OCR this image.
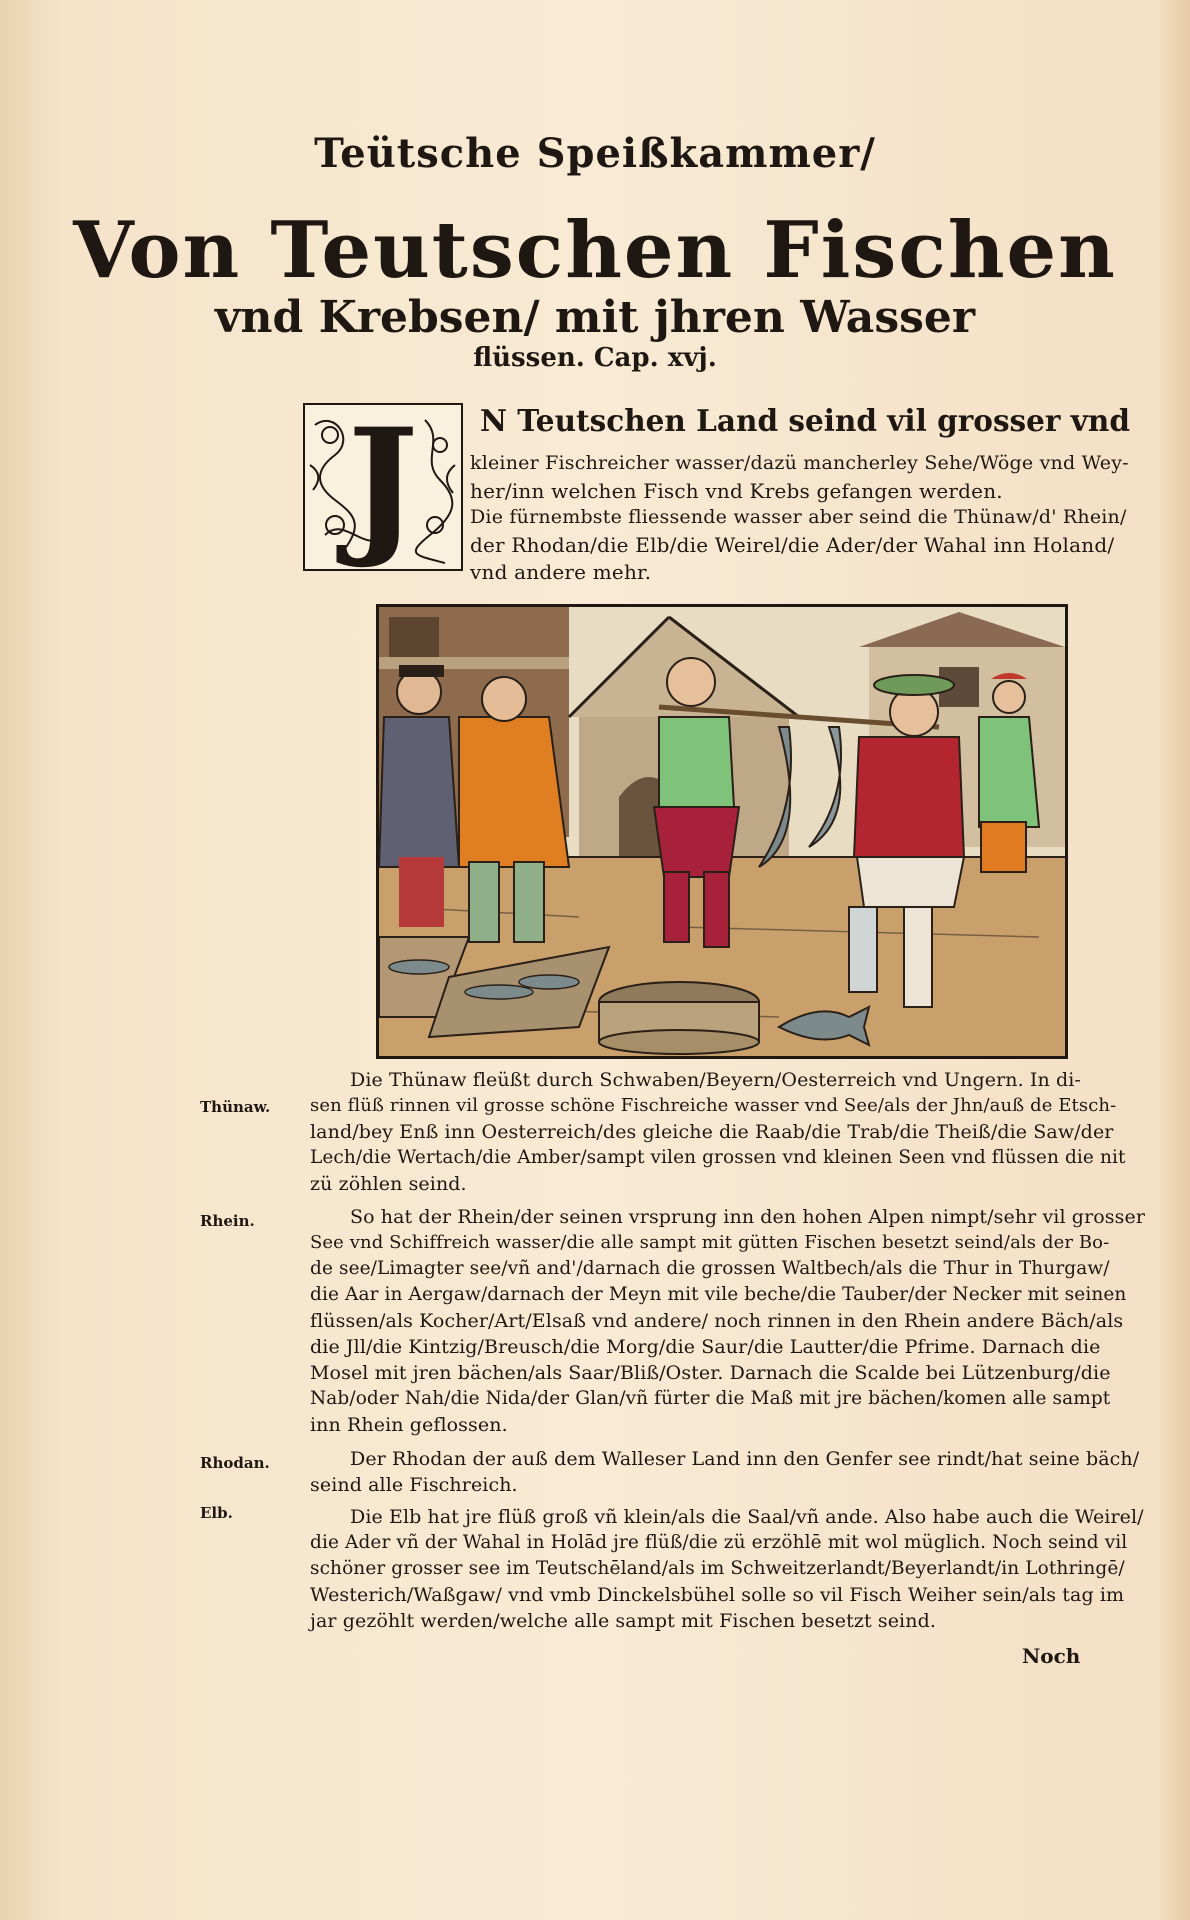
Teütsche Speißkammer/
Von Teutschen Fischen
vnd Krebsen/ mit jhren Wasser
flüssen. Cap. xvj.
J	N Teutschen Land seind vil grosser vnd
kleiner Fischreicher wasser/dazü mancherley Sehe/Wöge vnd Wey-
her/inn welchen Fisch vnd Krebs gefangen werden.
Die fürnembste fliessende wasser aber seind die Thünaw/d' Rhein/
der Rhodan/die Elb/die Weirel/die Ader/der Wahal inn Holand/
vnd andere mehr.
Die Thünaw fleüßt durch Schwaben/Beyern/Oesterreich vnd Ungern. In di-
sen flüß rinnen vil grosse schöne Fischreiche wasser vnd See/als der Jhn/auß de Etsch-
land/bey Enß inn Oesterreich/des gleiche die Raab/die Trab/die Theiß/die Saw/der
Lech/die Wertach/die Amber/sampt vilen grossen vnd kleinen Seen vnd flüssen die nit
zü zöhlen seind.
So hat der Rhein/der seinen vrsprung inn den hohen Alpen nimpt/sehr vil grosser
See vnd Schiffreich wasser/die alle sampt mit gütten Fischen besetzt seind/als der Bo-
de see/Limagter see/vñ and'/darnach die grossen Waltbech/als die Thur in Thurgaw/
die Aar in Aergaw/darnach der Meyn mit vile beche/die Tauber/der Necker mit seinen
flüssen/als Kocher/Art/Elsaß vnd andere/ noch rinnen in den Rhein andere Bäch/als
die Jll/die Kintzig/Breusch/die Morg/die Saur/die Lautter/die Pfrime. Darnach die
Mosel mit jren bächen/als Saar/Bliß/Oster. Darnach die Scalde bei Lützenburg/die
Nab/oder Nah/die Nida/der Glan/vñ fürter die Maß mit jre bächen/komen alle sampt
inn Rhein geflossen.
Der Rhodan der auß dem Walleser Land inn den Genfer see rindt/hat seine bäch/
seind alle Fischreich.
Die Elb hat jre flüß groß vñ klein/als die Saal/vñ ande. Also habe auch die Weirel/
die Ader vñ der Wahal in Holād jre flüß/die zü erzöhlē mit wol müglich. Noch seind vil
schöner grosser see im Teutschēland/als im Schweitzerlandt/Beyerlandt/in Lothringē/
Westerich/Waßgaw/ vnd vmb Dinckelsbühel solle so vil Fisch Weiher sein/als tag im
jar gezöhlt werden/welche alle sampt mit Fischen besetzt seind.
Thünaw.
Rhein.
Rhodan.
Elb.
Noch
